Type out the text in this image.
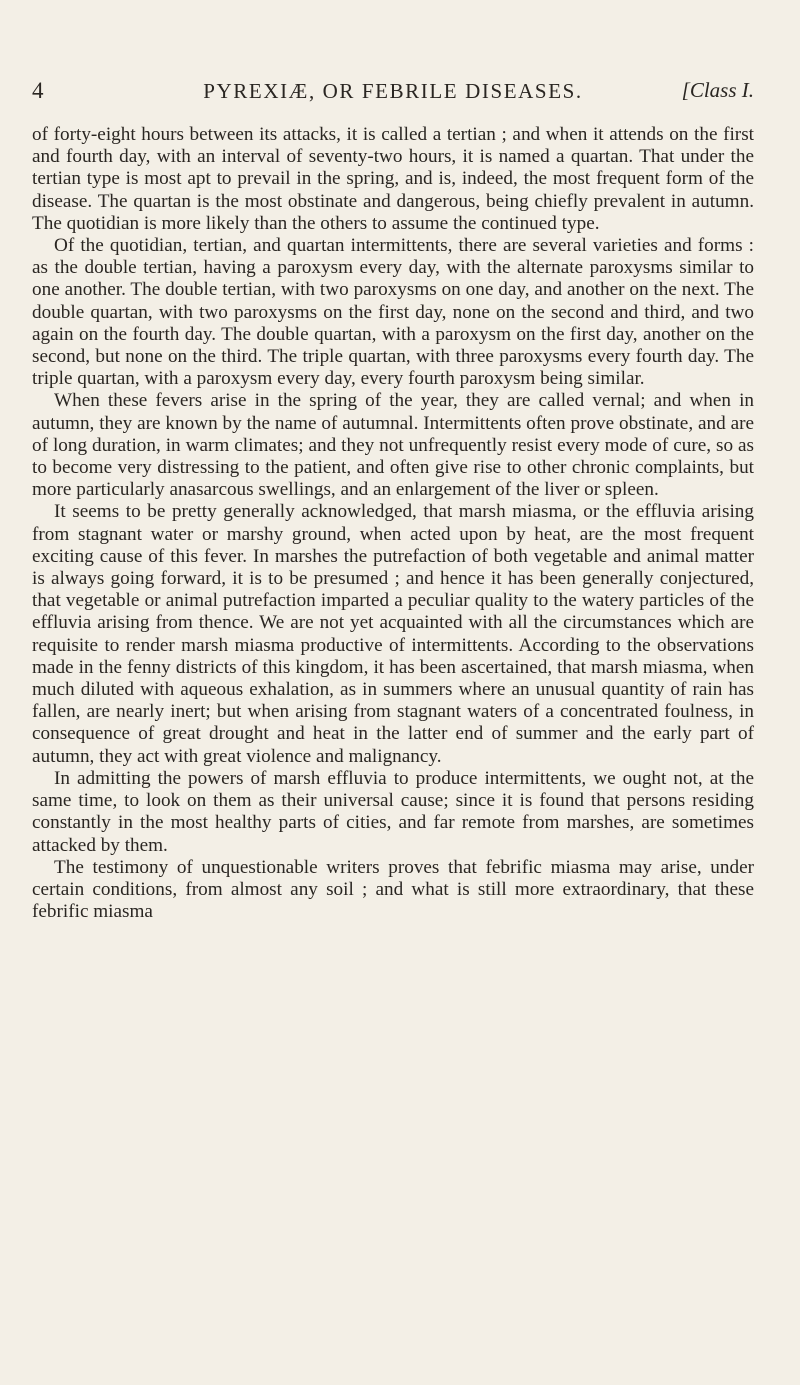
4	PYREXIÆ, OR FEBRILE DISEASES.	[Class I.

of forty-eight hours between its attacks, it is called a tertian ; and when it attends on the first and fourth day, with an interval of seventy-two hours, it is named a quartan. That under the tertian type is most apt to prevail in the spring, and is, indeed, the most frequent form of the disease. The quartan is the most obstinate and dangerous, being chiefly prevalent in autumn. The quotidian is more likely than the others to assume the continued type.

Of the quotidian, tertian, and quartan intermittents, there are several varieties and forms : as the double tertian, having a paroxysm every day, with the alternate paroxysms similar to one another. The double tertian, with two paroxysms on one day, and another on the next. The double quartan, with two paroxysms on the first day, none on the second and third, and two again on the fourth day. The double quartan, with a paroxysm on the first day, another on the second, but none on the third. The triple quartan, with three paroxysms every fourth day. The triple quartan, with a paroxysm every day, every fourth paroxysm being similar.

When these fevers arise in the spring of the year, they are called vernal; and when in autumn, they are known by the name of autumnal. Intermittents often prove obstinate, and are of long duration, in warm climates; and they not unfrequently resist every mode of cure, so as to become very distressing to the patient, and often give rise to other chronic complaints, but more particularly anasarcous swellings, and an enlargement of the liver or spleen.

It seems to be pretty generally acknowledged, that marsh miasma, or the effluvia arising from stagnant water or marshy ground, when acted upon by heat, are the most frequent exciting cause of this fever. In marshes the putrefaction of both vegetable and animal matter is always going forward, it is to be presumed ; and hence it has been generally conjectured, that vegetable or animal putrefaction imparted a peculiar quality to the watery particles of the effluvia arising from thence. We are not yet acquainted with all the circumstances which are requisite to render marsh miasma productive of intermittents. According to the observations made in the fenny districts of this kingdom, it has been ascertained, that marsh miasma, when much diluted with aqueous exhalation, as in summers where an unusual quantity of rain has fallen, are nearly inert; but when arising from stagnant waters of a concentrated foulness, in consequence of great drought and heat in the latter end of summer and the early part of autumn, they act with great violence and malignancy.

In admitting the powers of marsh effluvia to produce intermittents, we ought not, at the same time, to look on them as their universal cause; since it is found that persons residing constantly in the most healthy parts of cities, and far remote from marshes, are sometimes attacked by them.

The testimony of unquestionable writers proves that febrific miasma may arise, under certain conditions, from almost any soil ; and what is still more extraordinary, that these febrific miasma
